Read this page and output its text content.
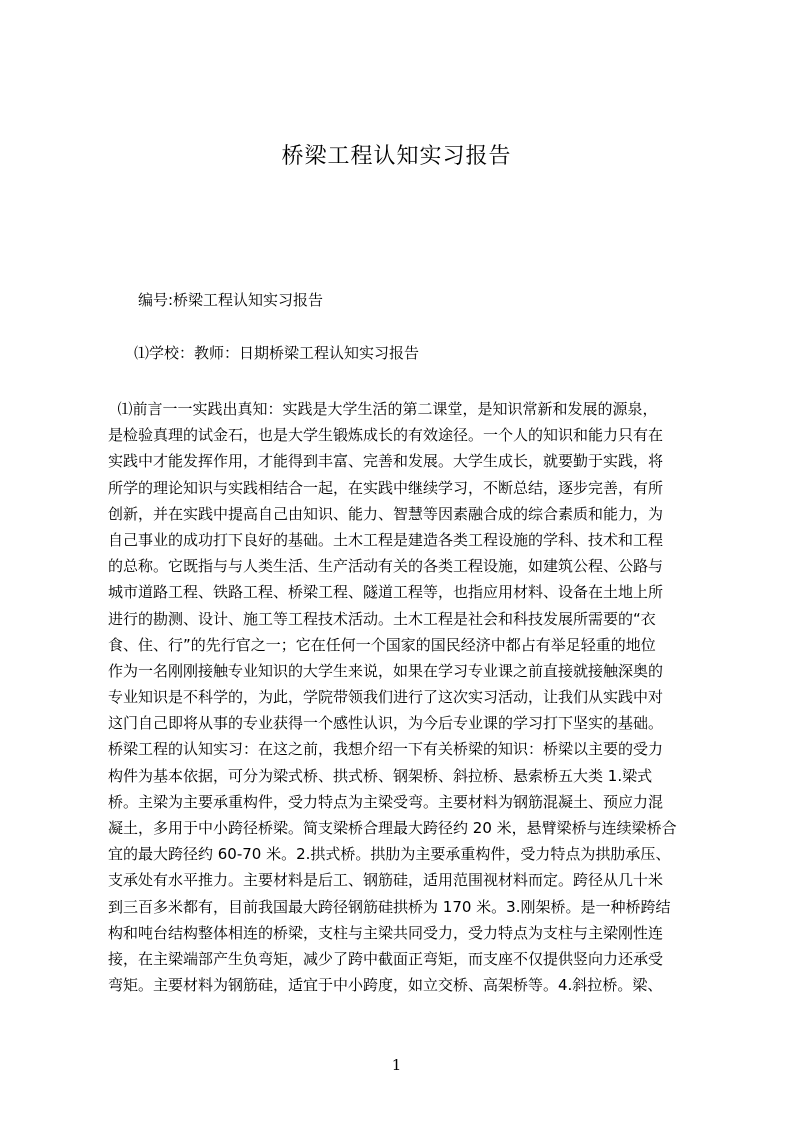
桥梁工程认知实习报告
编号:桥梁工程认知实习报告
⑴学校：教师：日期桥梁工程认知实习报告
⑴前言一一实践出真知：实践是大学生活的第二课堂，是知识常新和发展的源泉，
是检验真理的试金石，也是大学生锻炼成长的有效途径。一个人的知识和能力只有在
实践中才能发挥作用，才能得到丰富、完善和发展。大学生成长，就要勤于实践，将
所学的理论知识与实践相结合一起，在实践中继续学习，不断总结，逐步完善，有所
创新，并在实践中提高自己由知识、能力、智慧等因素融合成的综合素质和能力，为
自己事业的成功打下良好的基础。土木工程是建造各类工程设施的学科、技术和工程
的总称。它既指与与人类生活、生产活动有关的各类工程设施，如建筑公程、公路与
城市道路工程、铁路工程、桥梁工程、隧道工程等，也指应用材料、设备在土地上所
进行的勘测、设计、施工等工程技术活动。土木工程是社会和科技发展所需要的“衣
食、住、行”的先行官之一；它在任何一个国家的国民经济中都占有举足轻重的地位
作为一名刚刚接触专业知识的大学生来说，如果在学习专业课之前直接就接触深奥的
专业知识是不科学的，为此，学院带领我们进行了这次实习活动，让我们从实践中对
这门自己即将从事的专业获得一个感性认识，为今后专业课的学习打下坚实的基础。
桥梁工程的认知实习：在这之前，我想介绍一下有关桥梁的知识：桥梁以主要的受力
构件为基本依据，可分为梁式桥、拱式桥、钢架桥、斜拉桥、悬索桥五大类 1.梁式
桥。主梁为主要承重构件，受力特点为主梁受弯。主要材料为钢筋混凝土、预应力混
凝土，多用于中小跨径桥梁。简支梁桥合理最大跨径约 20 米，悬臂梁桥与连续梁桥合
宜的最大跨径约 60-70 米。2.拱式桥。拱肋为主要承重构件，受力特点为拱肋承压、
支承处有水平推力。主要材料是后工、钢筋硅，适用范围视材料而定。跨径从几十米
到三百多米都有，目前我国最大跨径钢筋硅拱桥为 170 米。3.刚架桥。是一种桥跨结
构和吨台结构整体相连的桥梁，支柱与主梁共同受力，受力特点为支柱与主梁刚性连
接，在主梁端部产生负弯矩，减少了跨中截面正弯矩，而支座不仅提供竖向力还承受
弯矩。主要材料为钢筋硅，适宜于中小跨度，如立交桥、高架桥等。4.斜拉桥。梁、
1
